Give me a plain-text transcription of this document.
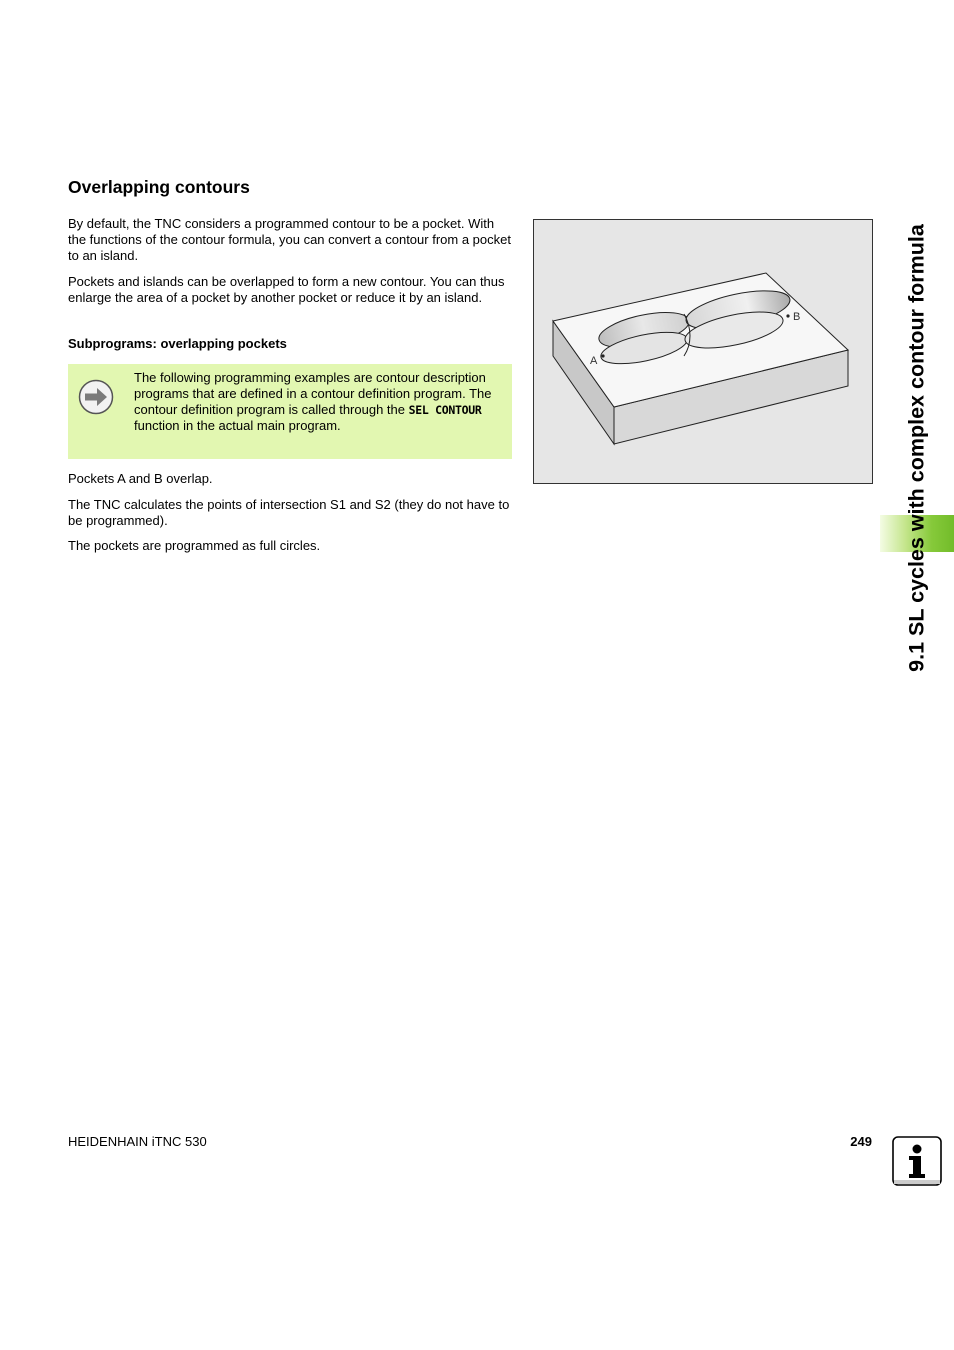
Overlapping contours

By default, the TNC considers a programmed contour to be a pocket. With the functions of the contour formula, you can convert a contour from a pocket to an island.

Pockets and islands can be overlapped to form a new contour. You can thus enlarge the area of a pocket by another pocket or reduce it by an island.

Subprograms: overlapping pockets

The following programming examples are contour description programs that are defined in a contour definition program. The contour definition program is called through the SEL CONTOUR function in the actual main program.

Pockets A and B overlap.

The TNC calculates the points of intersection S1 and S2 (they do not have to be programmed).

The pockets are programmed as full circles.

A
B	9.1 SL cycles with complex contour formula

HEIDENHAIN iTNC 530	249
